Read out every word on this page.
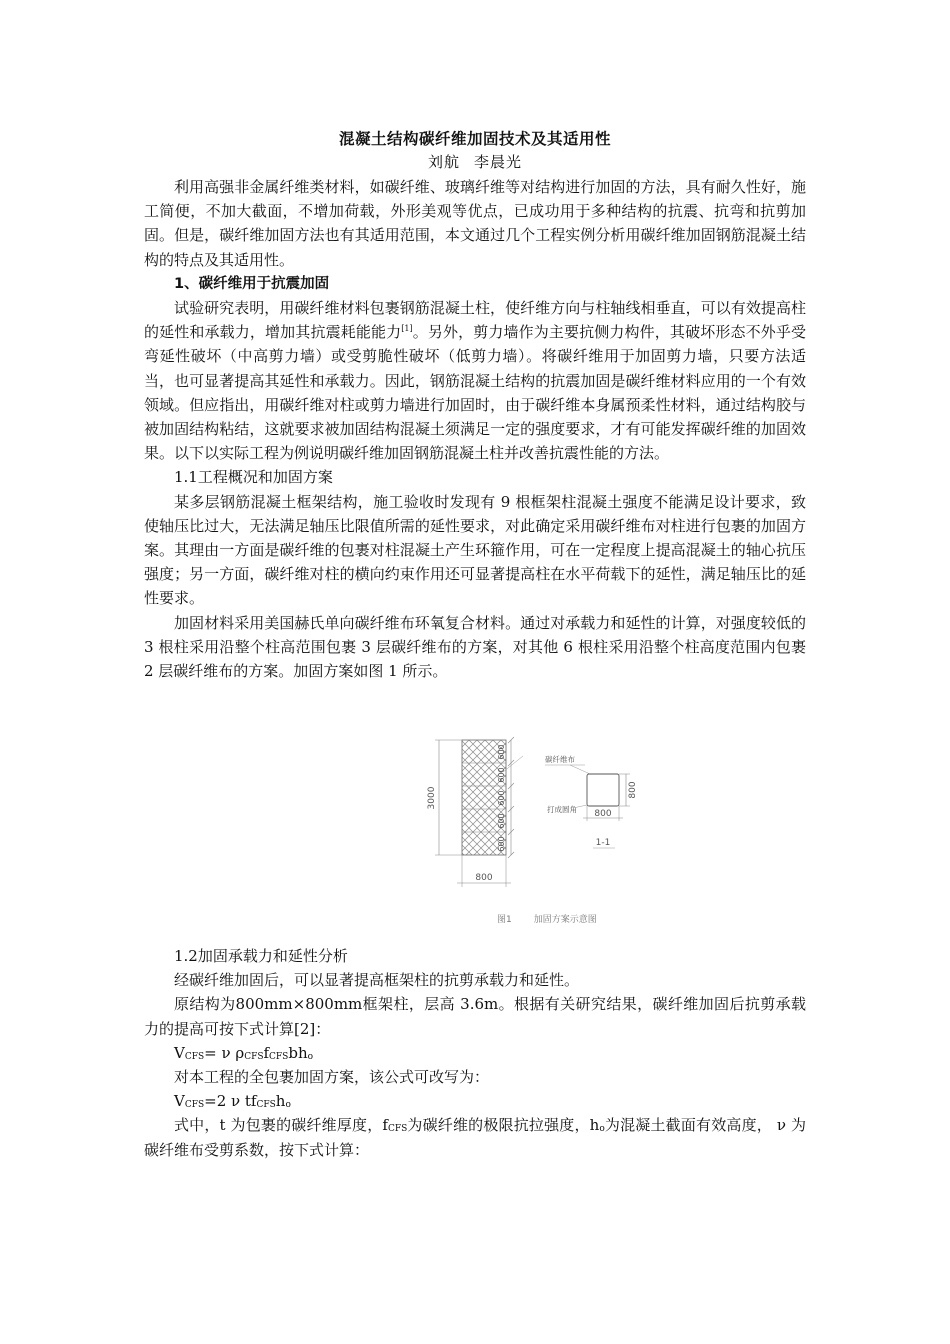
混凝土结构碳纤维加固技术及其适用性
刘航 李晨光

利用高强非金属纤维类材料，如碳纤维、玻璃纤维等对结构进行加固的方法，具有耐久性好，施工简便，不加大截面，不增加荷载，外形美观等优点，已成功用于多种结构的抗震、抗弯和抗剪加固。但是，碳纤维加固方法也有其适用范围，本文通过几个工程实例分析用碳纤维加固钢筋混凝土结构的特点及其适用性。

1、碳纤维用于抗震加固

试验研究表明，用碳纤维材料包裹钢筋混凝土柱，使纤维方向与柱轴线相垂直，可以有效提高柱的延性和承载力，增加其抗震耗能能力[1]。另外，剪力墙作为主要抗侧力构件，其破坏形态不外乎受弯延性破坏（中高剪力墙）或受剪脆性破坏（低剪力墙）。将碳纤维用于加固剪力墙，只要方法适当，也可显著提高其延性和承载力。因此，钢筋混凝土结构的抗震加固是碳纤维材料应用的一个有效领域。但应指出，用碳纤维对柱或剪力墙进行加固时，由于碳纤维本身属预柔性材料，通过结构胶与被加固结构粘结，这就要求被加固结构混凝土须满足一定的强度要求，才有可能发挥碳纤维的加固效果。以下以实际工程为例说明碳纤维加固钢筋混凝土柱并改善抗震性能的方法。

1.1工程概况和加固方案

某多层钢筋混凝土框架结构，施工验收时发现有 9 根框架柱混凝土强度不能满足设计要求，致使轴压比过大，无法满足轴压比限值所需的延性要求，对此确定采用碳纤维布对柱进行包裹的加固方案。其理由一方面是碳纤维的包裹对柱混凝土产生环箍作用，可在一定程度上提高混凝土的轴心抗压强度；另一方面，碳纤维对柱的横向约束作用还可显著提高柱在水平荷载下的延性，满足轴压比的延性要求。

加固材料采用美国赫氏单向碳纤维布环氧复合材料。通过对承载力和延性的计算，对强度较低的 3 根柱采用沿整个柱高范围包裹 3 层碳纤维布的方案，对其他 6 根柱采用沿整个柱高度范围内包裹 2 层碳纤维布的方案。加固方案如图 1 所示。

3000
600
600
600
600
600
800
碳纤维布
800
800
打成圆角
1-1
图1 加固方案示意图

1.2加固承载力和延性分析

经碳纤维加固后，可以显著提高框架柱的抗剪承载力和延性。

原结构为800mm×800mm框架柱，层高 3.6m。根据有关研究结果，碳纤维加固后抗剪承载力的提高可按下式计算[2]：

$V_{CFS}= \nu$ $\rho_{CFS}f_{CFS}bh_o$

对本工程的全包裹加固方案，该公式可改写为：

$V_{CFS}=2$ ν $tf_{CFS}h_o$

式中，t 为包裹的碳纤维厚度，$f_{CFS}$为碳纤维的极限抗拉强度，$h_o$为混凝土截面有效高度， ν 为碳纤维布受剪系数，按下式计算：
